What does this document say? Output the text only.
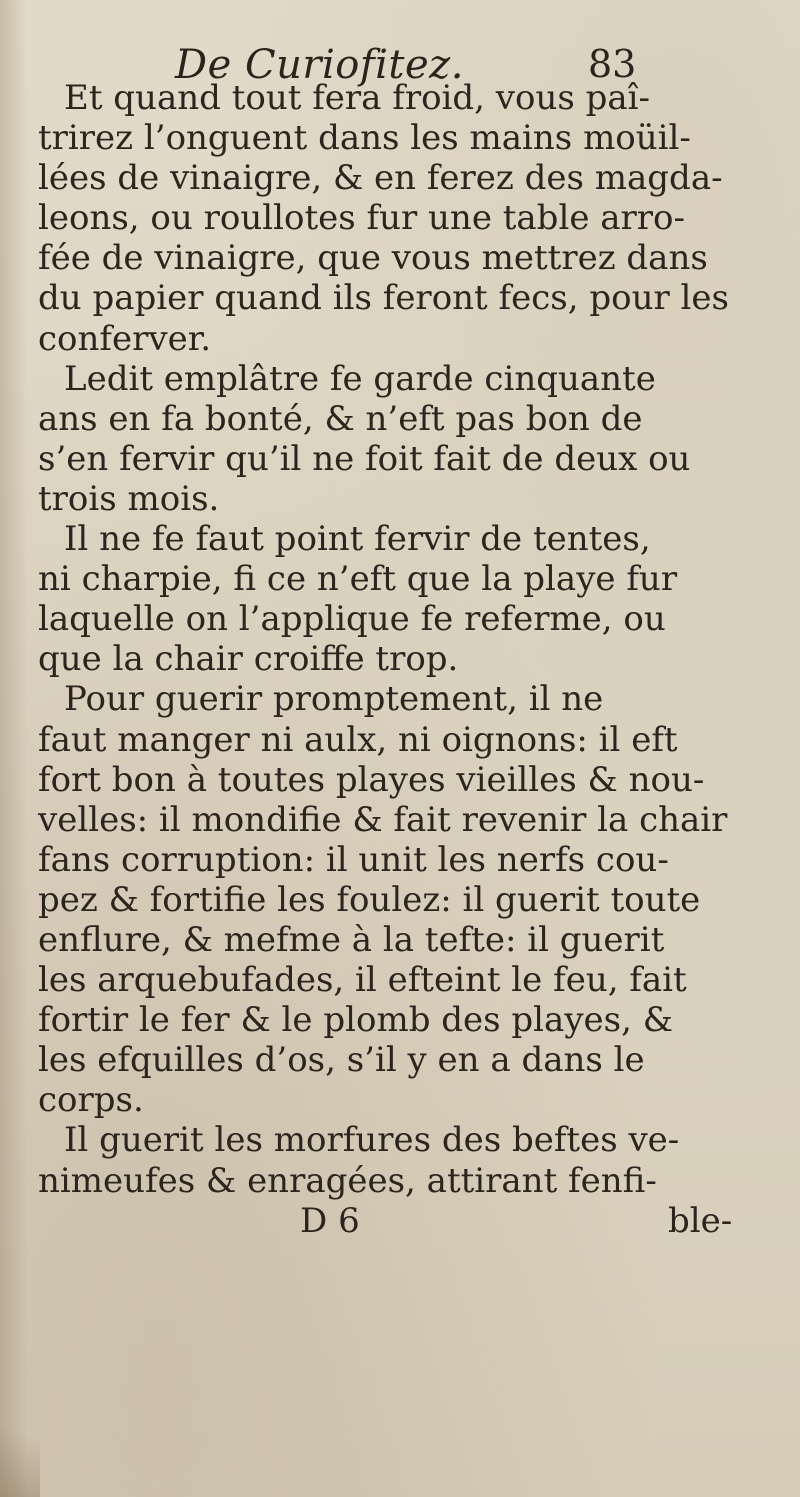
De Curiofitez.	83
Et quand tout fera froid, vous paî-
trirez l’onguent dans les mains moüil-
lées de vinaigre, & en ferez des magda-
leons, ou roullotes fur une table arro-
fée de vinaigre, que vous mettrez dans
du papier quand ils feront fecs, pour les
conferver.
Ledit emplâtre fe garde cinquante
ans en fa bonté, & n’eft pas bon de
s’en fervir qu’il ne foit fait de deux ou
trois mois.
Il ne fe faut point fervir de tentes,
ni charpie, fi ce n’eft que la playe fur
laquelle on l’applique fe referme, ou
que la chair croiffe trop.
Pour guerir promptement, il ne
faut manger ni aulx, ni oignons: il eft
fort bon à toutes playes vieilles & nou-
velles: il mondifie & fait revenir la chair
fans corruption: il unit les nerfs cou-
pez & fortifie les foulez: il guerit toute
enflure, & mefme à la tefte: il guerit
les arquebufades, il efteint le feu, fait
fortir le fer & le plomb des playes, &
les efquilles d’os, s’il y en a dans le
corps.
Il guerit les morfures des beftes ve-
nimeufes & enragées, attirant fenfi-
D 6	ble-
